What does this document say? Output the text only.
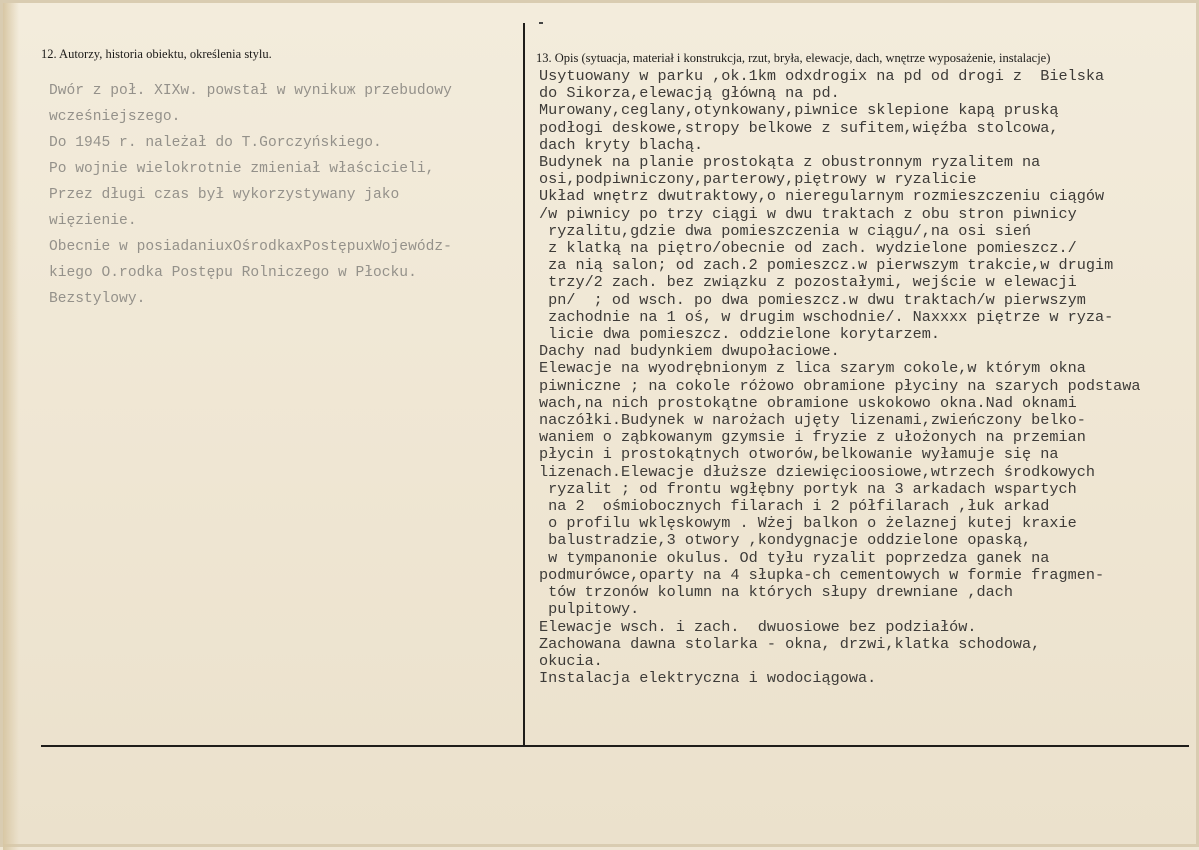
12. Autorzy, historia obiektu, określenia stylu.	13. Opis (sytuacja, materiał i konstrukcja, rzut, bryła, elewacje, dach, wnętrze wyposażenie, instalacje)
Dwór z poł. XIXw. powstał w wynikuж przebudowy
wcześniejszego.
Do 1945 r. należał do T.Gorczyńskiego.
Po wojnie wielokrotnie zmieniał właścicieli,
Przez długi czas był wykorzystywany jako
więzienie.
Obecnie w posiadaniuxOśrodkaxPostępuxWojewódz-
kiego O.rodka Postępu Rolniczego w Płocku.
Bezstylowy.
Usytuowany w parku ,ok.1km odxdrogix na pd od drogi z  Bielska
do Sikorza,elewacją główną na pd.
Murowany,ceglany,otynkowany,piwnice sklepione kapą pruską
podłogi deskowe,stropy belkowe z sufitem,więźba stolcowa,
dach kryty blachą.
Budynek na planie prostokąta z obustronnym ryzalitem na
osi,podpiwniczony,parterowy,piętrowy w ryzalicie
Układ wnętrz dwutraktowy,o nieregularnym rozmieszczeniu ciągów
/w piwnicy po trzy ciągi w dwu traktach z obu stron piwnicy
ryzalitu,gdzie dwa pomieszczenia w ciągu/,na osi sień
z klatką na piętro/obecnie od zach. wydzielone pomieszcz./
za nią salon; od zach.2 pomieszcz.w pierwszym trakcie,w drugim
trzy/2 zach. bez związku z pozostałymi, wejście w elewacji
pn/  ; od wsch. po dwa pomieszcz.w dwu traktach/w pierwszym
zachodnie na 1 oś, w drugim wschodnie/. Naxxxx piętrze w ryza-
licie dwa pomieszcz. oddzielone korytarzem.
Dachy nad budynkiem dwupołaciowe.
Elewacje na wyodrębnionym z lica szarym cokole,w którym okna
piwniczne ; na cokole różowo obramione płyciny na szarych podstawa
wach,na nich prostokątne obramione uskokowo okna.Nad oknami
naczółki.Budynek w narożach ujęty lizenami,zwieńczony belko-
waniem o ząbkowanym gzymsie i fryzie z ułożonych na przemian
płycin i prostokątnych otworów,belkowanie wyłamuje się na
lizenach.Elewacje dłuższe dziewięcioosiowe,wtrzech środkowych
ryzalit ; od frontu wgłębny portyk na 3 arkadach wspartych
na 2  ośmiobocznych filarach i 2 półfilarach ,łuk arkad
o profilu wklęskowym . Wżej balkon o żelaznej kutej kraxie
balustradzie,3 otwory ,kondygnacje oddzielone opaską,
w tympanonie okulus. Od tyłu ryzalit poprzedza ganek na
podmurówce,oparty na 4 słupka-ch cementowych w formie fragmen-
tów trzonów kolumn na których słupy drewniane ,dach
pulpitowy.
Elewacje wsch. i zach.  dwuosiowe bez podziałów.
Zachowana dawna stolarka - okna, drzwi,klatka schodowa,
okucia.
Instalacja elektryczna i wodociągowa.
